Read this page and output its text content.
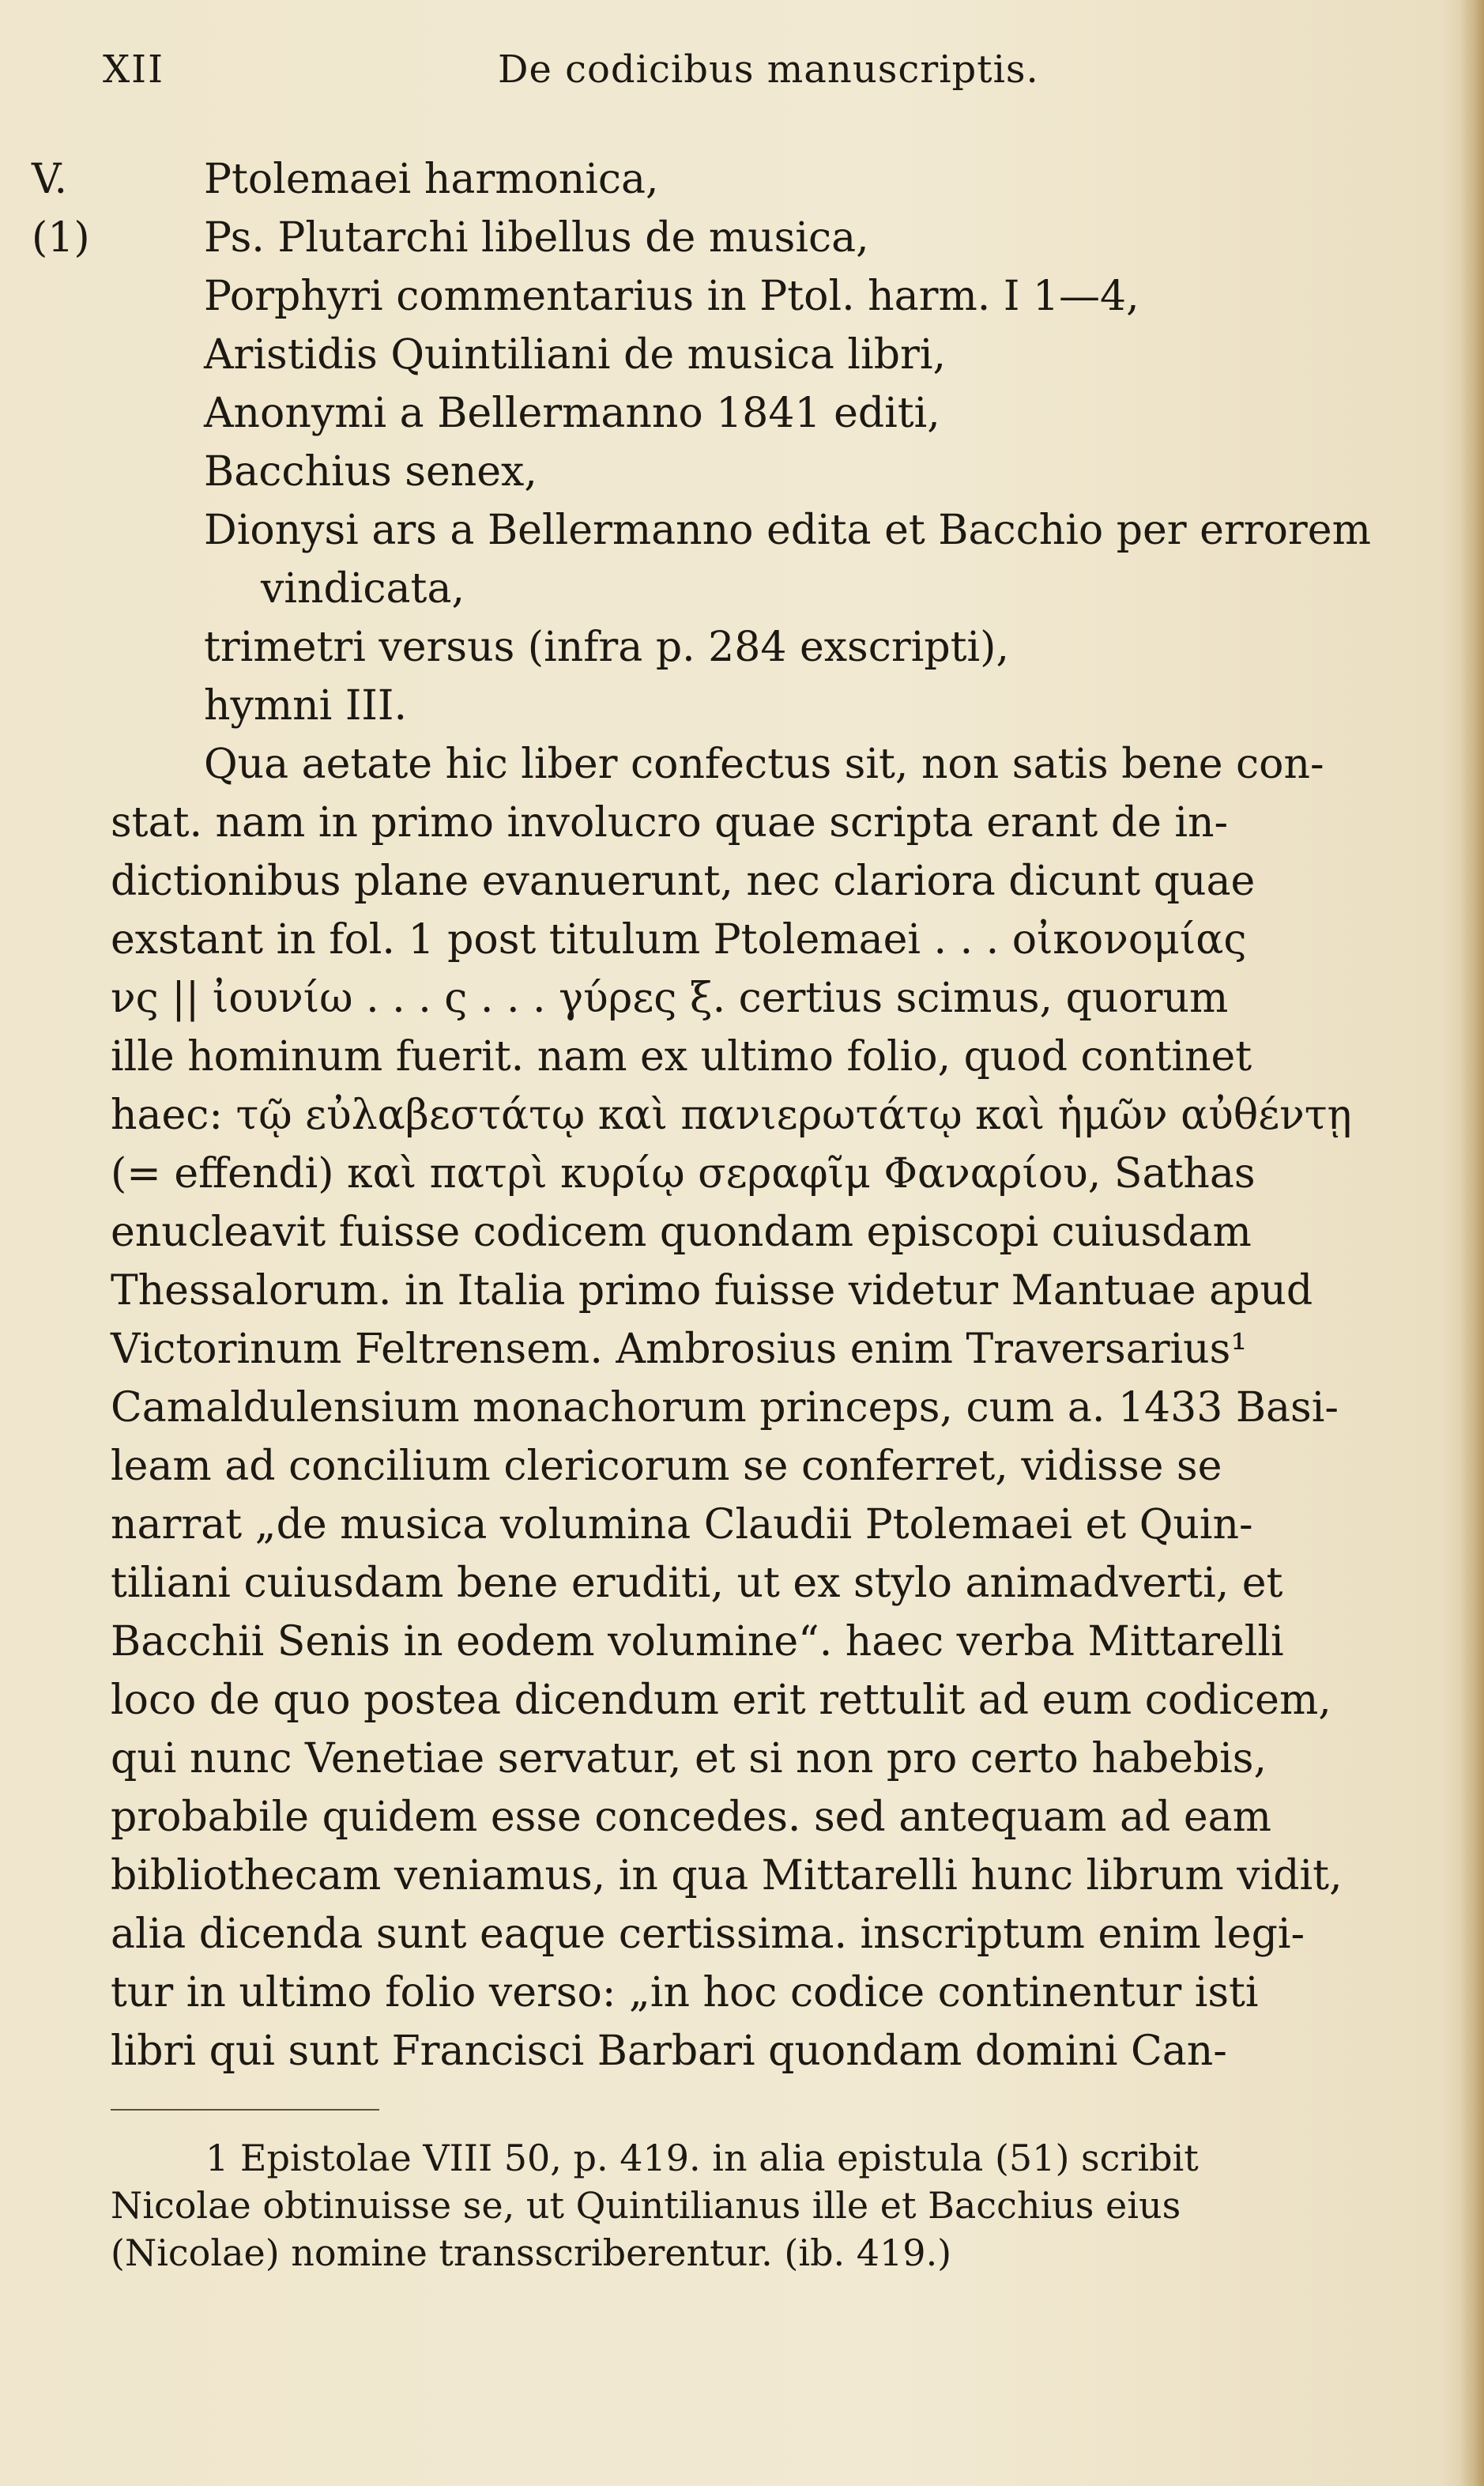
XII	De codicibus manuscriptis.
V.	Ptolemaei harmonica,
(1)	Ps. Plutarchi libellus de musica,
Porphyri commentarius in Ptol. harm. I 1—4,
Aristidis Quintiliani de musica libri,
Anonymi a Bellermanno 1841 editi,
Bacchius senex,
Dionysi ars a Bellermanno edita et Bacchio per errorem
vindicata,
trimetri versus (infra p. 284 exscripti),
hymni III.
Qua aetate hic liber confectus sit, non satis bene con-
stat. nam in primo involucro quae scripta erant de in-
dictionibus plane evanuerunt, nec clariora dicunt quae
exstant in fol. 1 post titulum Ptolemaei . . . οἰκονομίας
νς || ἰουνίω . . . ς . . . γύρες ξ. certius scimus, quorum
ille hominum fuerit. nam ex ultimo folio, quod continet
haec: τῷ εὐλαβεστάτῳ καὶ πανιερωτάτῳ καὶ ἡμῶν αὐθέντῃ
(= effendi) καὶ πατρὶ κυρίῳ σεραφῖμ Φαναρίου, Sathas
enucleavit fuisse codicem quondam episcopi cuiusdam
Thessalorum. in Italia primo fuisse videtur Mantuae apud
Victorinum Feltrensem. Ambrosius enim Traversarius¹
Camaldulensium monachorum princeps, cum a. 1433 Basi-
leam ad concilium clericorum se conferret, vidisse se
narrat „de musica volumina Claudii Ptolemaei et Quin-
tiliani cuiusdam bene eruditi, ut ex stylo animadverti, et
Bacchii Senis in eodem volumine“. haec verba Mittarelli
loco de quo postea dicendum erit rettulit ad eum codicem,
qui nunc Venetiae servatur, et si non pro certo habebis,
probabile quidem esse concedes. sed antequam ad eam
bibliothecam veniamus, in qua Mittarelli hunc librum vidit,
alia dicenda sunt eaque certissima. inscriptum enim legi-
tur in ultimo folio verso: „in hoc codice continentur isti
libri qui sunt Francisci Barbari quondam domini Can-
1 Epistolae VIII 50, p. 419. in alia epistula (51) scribit
Nicolae obtinuisse se, ut Quintilianus ille et Bacchius eius
(Nicolae) nomine transscriberentur. (ib. 419.)
